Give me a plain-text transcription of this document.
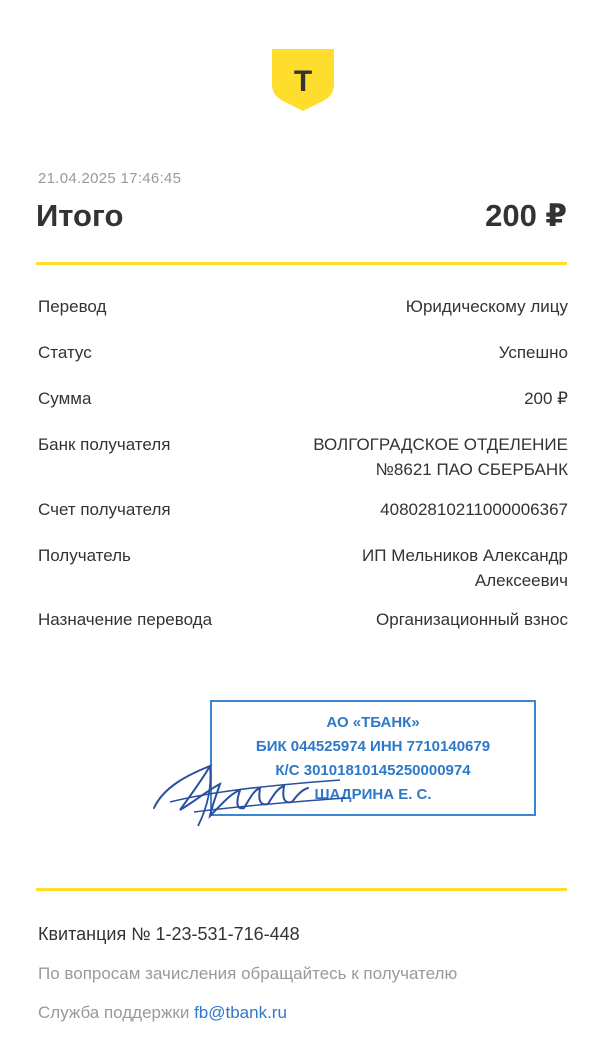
Т
21.04.2025 17:46:45
Итого	200 ₽
Перевод	Юридическому лицу
Статус	Успешно
Сумма	200 ₽
Банк получателя	ВОЛГОГРАДСКОЕ ОТДЕЛЕНИЕ
№8621 ПАО СБЕРБАНК
Счет получателя	40802810211000006367
Получатель	ИП Мельников Александр
Алексеевич
Назначение перевода	Организационный взнос
АО «ТБАНК»
БИК 044525974 ИНН 7710140679
К/С 30101810145250000974
ШАДРИНА Е. С.
Квитанция № 1-23-531-716-448
По вопросам зачисления обращайтесь к получателю
Служба поддержки fb@tbank.ru
